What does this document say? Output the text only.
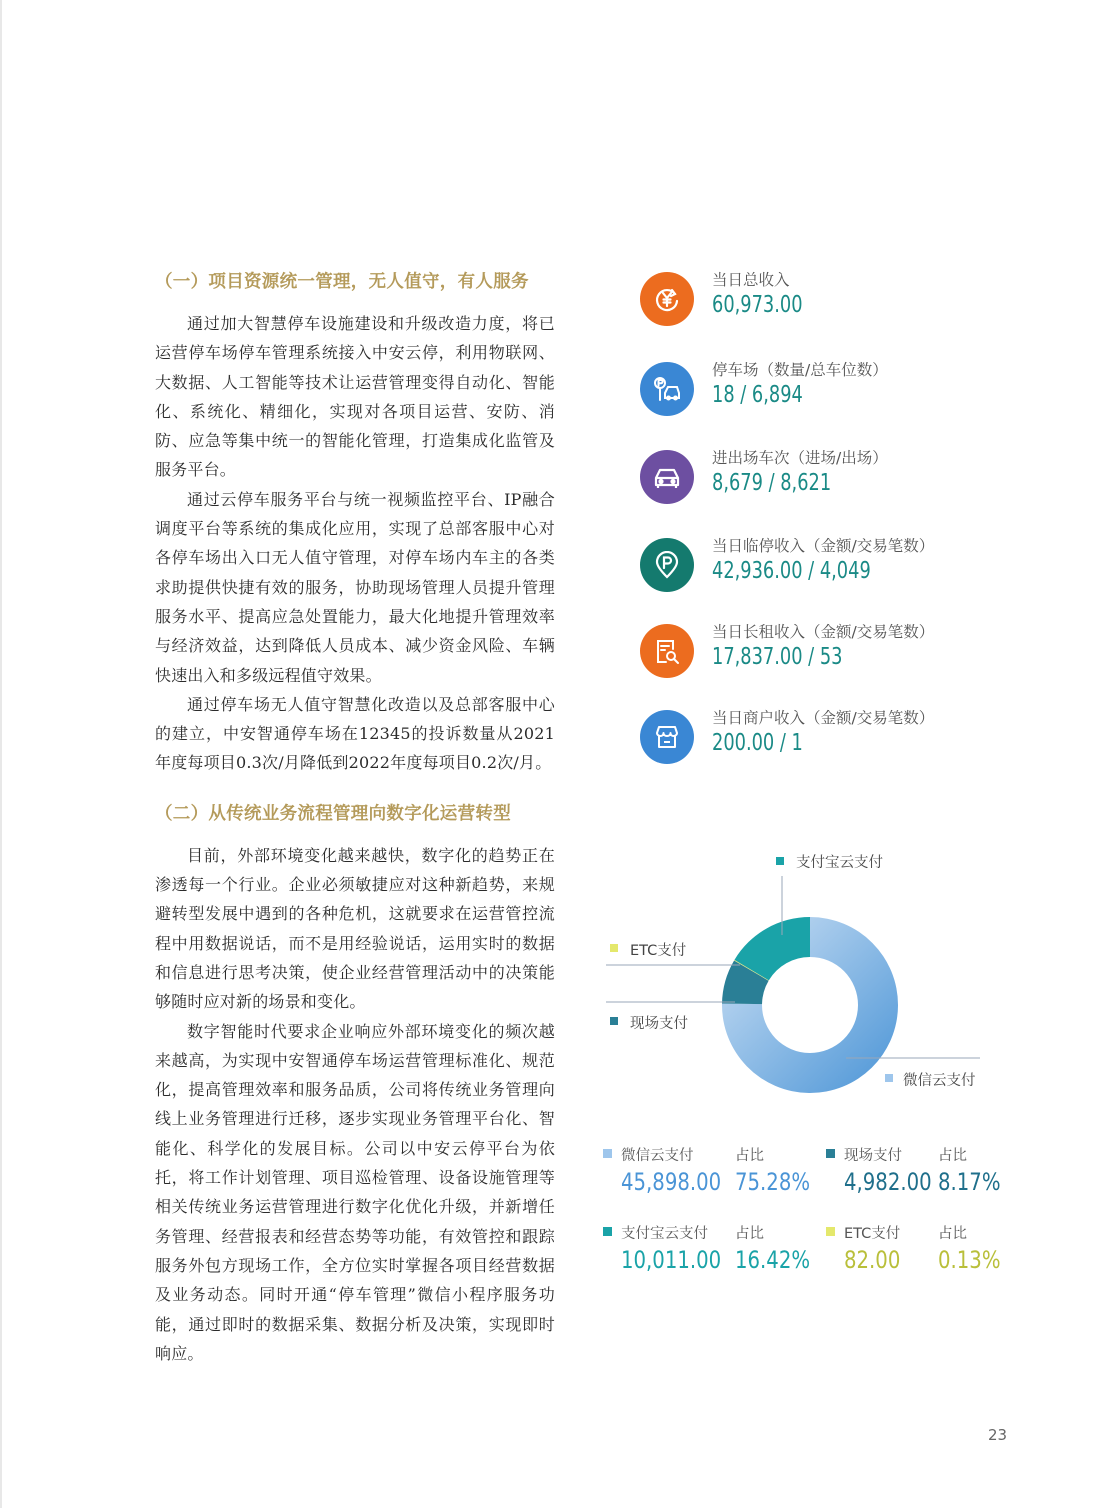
（一）项目资源统一管理，无人值守，有人服务

通过加大智慧停车设施建设和升级改造力度，将已运营停车场停车管理系统接入中安云停，利用物联网、大数据、人工智能等技术让运营管理变得自动化、智能化、系统化、精细化，实现对各项目运营、安防、消防、应急等集中统一的智能化管理，打造集成化监管及服务平台。

通过云停车服务平台与统一视频监控平台、IP融合调度平台等系统的集成化应用，实现了总部客服中心对各停车场出入口无人值守管理，对停车场内车主的各类求助提供快捷有效的服务，协助现场管理人员提升管理服务水平、提高应急处置能力，最大化地提升管理效率与经济效益，达到降低人员成本、减少资金风险、车辆快速出入和多级远程值守效果。

通过停车场无人值守智慧化改造以及总部客服中心的建立，中安智通停车场在12345的投诉数量从2021年度每项目0.3次/月降低到2022年度每项目0.2次/月。

（二）从传统业务流程管理向数字化运营转型

目前，外部环境变化越来越快，数字化的趋势正在渗透每一个行业。企业必须敏捷应对这种新趋势，来规避转型发展中遇到的各种危机，这就要求在运营管控流程中用数据说话，而不是用经验说话，运用实时的数据和信息进行思考决策，使企业经营管理活动中的决策能够随时应对新的场景和变化。

数字智能时代要求企业响应外部环境变化的频次越来越高，为实现中安智通停车场运营管理标准化、规范化，提高管理效率和服务品质，公司将传统业务管理向线上业务管理进行迁移，逐步实现业务管理平台化、智能化、科学化的发展目标。公司以中安云停平台为依托，将工作计划管理、项目巡检管理、设备设施管理等相关传统业务运营管理进行数字化优化升级，并新增任务管理、经营报表和经营态势等功能，有效管控和跟踪服务外包方现场工作，全方位实时掌握各项目经营数据及业务动态。同时开通“停车管理”微信小程序服务功能，通过即时的数据采集、数据分析及决策，实现即时响应。

当日总收入
60,973.00
停车场（数量/总车位数）
18 / 6,894
进出场车次（进场/出场）
8,679 / 8,621
当日临停收入（金额/交易笔数）
42,936.00 / 4,049
当日长租收入（金额/交易笔数）
17,837.00 / 53
当日商户收入（金额/交易笔数）
200.00 / 1
支付宝云支付
ETC支付
现场支付
微信云支付
微信云支付
45,898.00
占比
75.28%
现场支付
4,982.00
占比
8.17%
支付宝云支付
10,011.00
占比
16.42%
ETC支付
82.00
占比
0.13%
23
